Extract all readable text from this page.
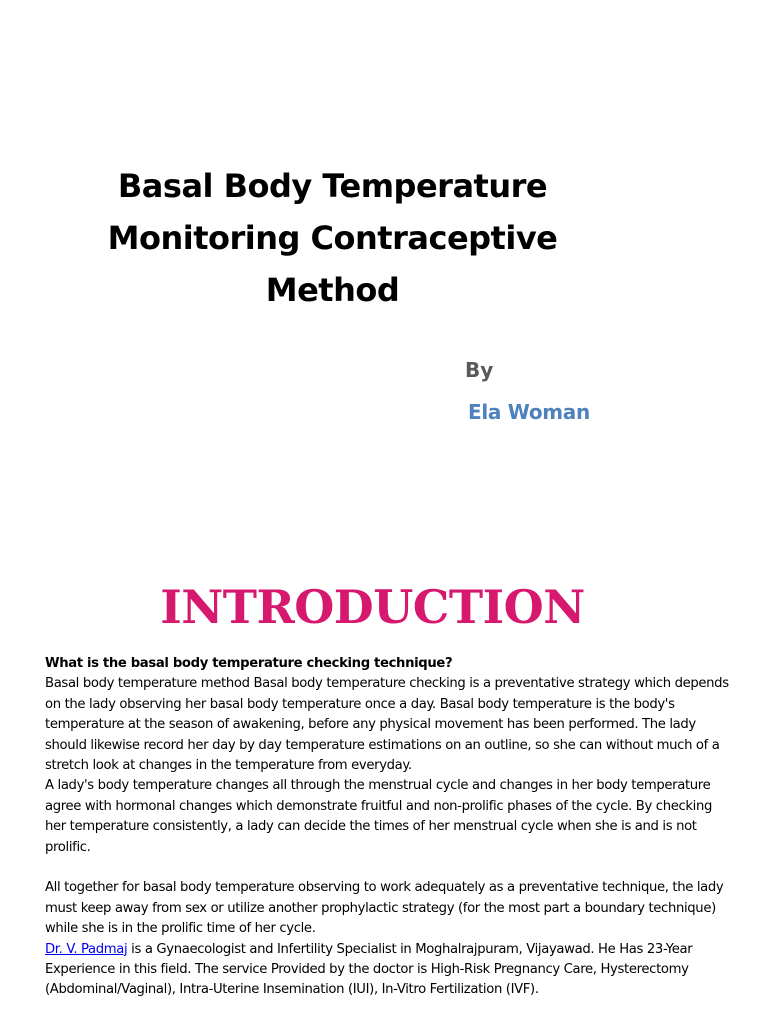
Basal Body Temperature
Monitoring Contraceptive
Method
By
Ela Woman
INTRODUCTION

What is the basal body temperature checking technique?

Basal body temperature method Basal body temperature checking is a preventative strategy which depends on the lady observing her basal body temperature once a day. Basal body temperature is the body's temperature at the season of awakening, before any physical movement has been performed. The lady should likewise record her day by day temperature estimations on an outline, so she can without much of a stretch look at changes in the temperature from everyday.

A lady's body temperature changes all through the menstrual cycle and changes in her body temperature agree with hormonal changes which demonstrate fruitful and non-prolific phases of the cycle. By checking her temperature consistently, a lady can decide the times of her menstrual cycle when she is and is not prolific.

All together for basal body temperature observing to work adequately as a preventative technique, the lady must keep away from sex or utilize another prophylactic strategy (for the most part a boundary technique) while she is in the prolific time of her cycle.

Dr. V. Padmaj is a Gynaecologist and Infertility Specialist in Moghalrajpuram, Vijayawad. He Has 23-Year Experience in this field. The service Provided by the doctor is High-Risk Pregnancy Care, Hysterectomy (Abdominal/Vaginal), Intra-Uterine Insemination (IUI), In-Vitro Fertilization (IVF).
